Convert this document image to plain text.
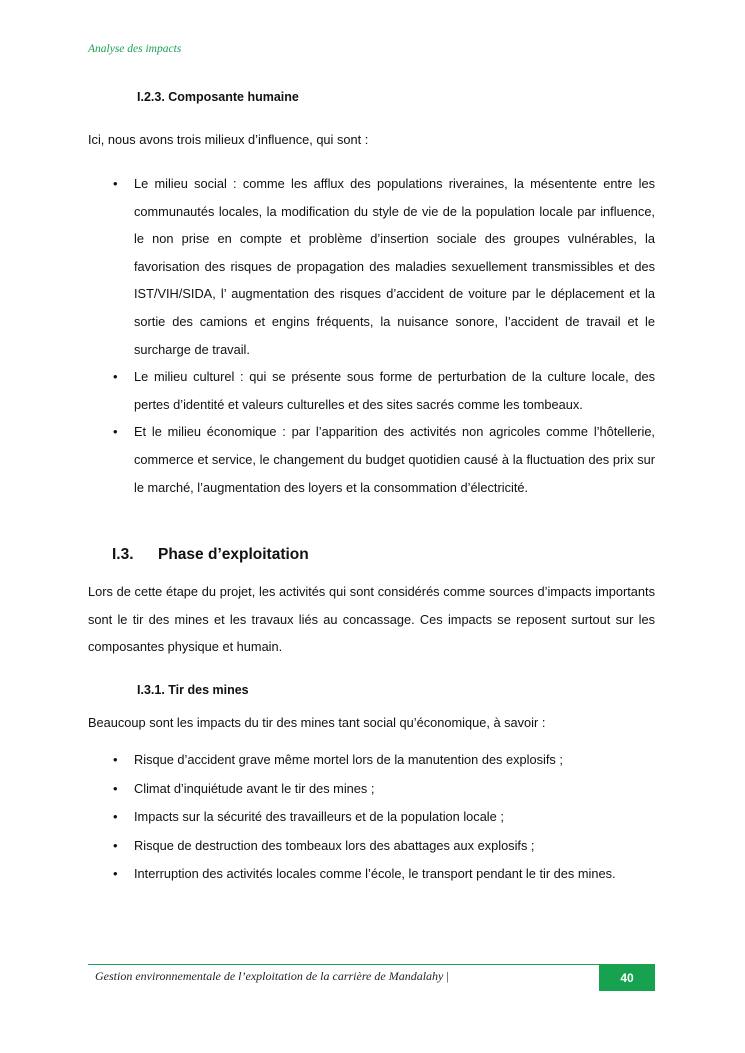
Analyse des impacts
I.2.3. Composante humaine
Ici, nous avons trois milieux d’influence, qui sont :
• Le milieu social : comme les afflux des populations riveraines, la mésentente entre les communautés locales, la modification du style de vie de la population locale par influence, le non prise en compte et problème d’insertion sociale des groupes vulnérables, la favorisation des risques de propagation des maladies sexuellement transmissibles et des IST/VIH/SIDA, l’ augmentation des risques d’accident de voiture par le déplacement et la sortie des camions et engins fréquents, la nuisance sonore, l’accident de travail et le surcharge de travail.
• Le milieu culturel : qui se présente sous forme de perturbation de la culture locale, des pertes d’identité et valeurs culturelles et des sites sacrés comme les tombeaux.
• Et le milieu économique : par l’apparition des activités non agricoles comme l’hôtellerie, commerce et service, le changement du budget quotidien causé à la fluctuation des prix sur le marché, l’augmentation des loyers et la consommation d’électricité.
I.3. Phase d’exploitation
Lors de cette étape du projet, les activités qui sont considérés comme sources d’impacts importants sont le tir des mines et les travaux liés au concassage. Ces impacts se reposent surtout sur les composantes physique et humain.
I.3.1. Tir des mines
Beaucoup sont les impacts du tir des mines tant social qu’économique, à savoir :
• Risque d’accident grave même mortel lors de la manutention des explosifs ;
• Climat d’inquiétude avant le tir des mines ;
• Impacts sur la sécurité des travailleurs et de la population locale ;
• Risque de destruction des tombeaux lors des abattages aux explosifs ;
• Interruption des activités locales comme l’école, le transport pendant le tir des mines.
Gestion environnementale de l’exploitation de la carrière de Mandalahy |	40
